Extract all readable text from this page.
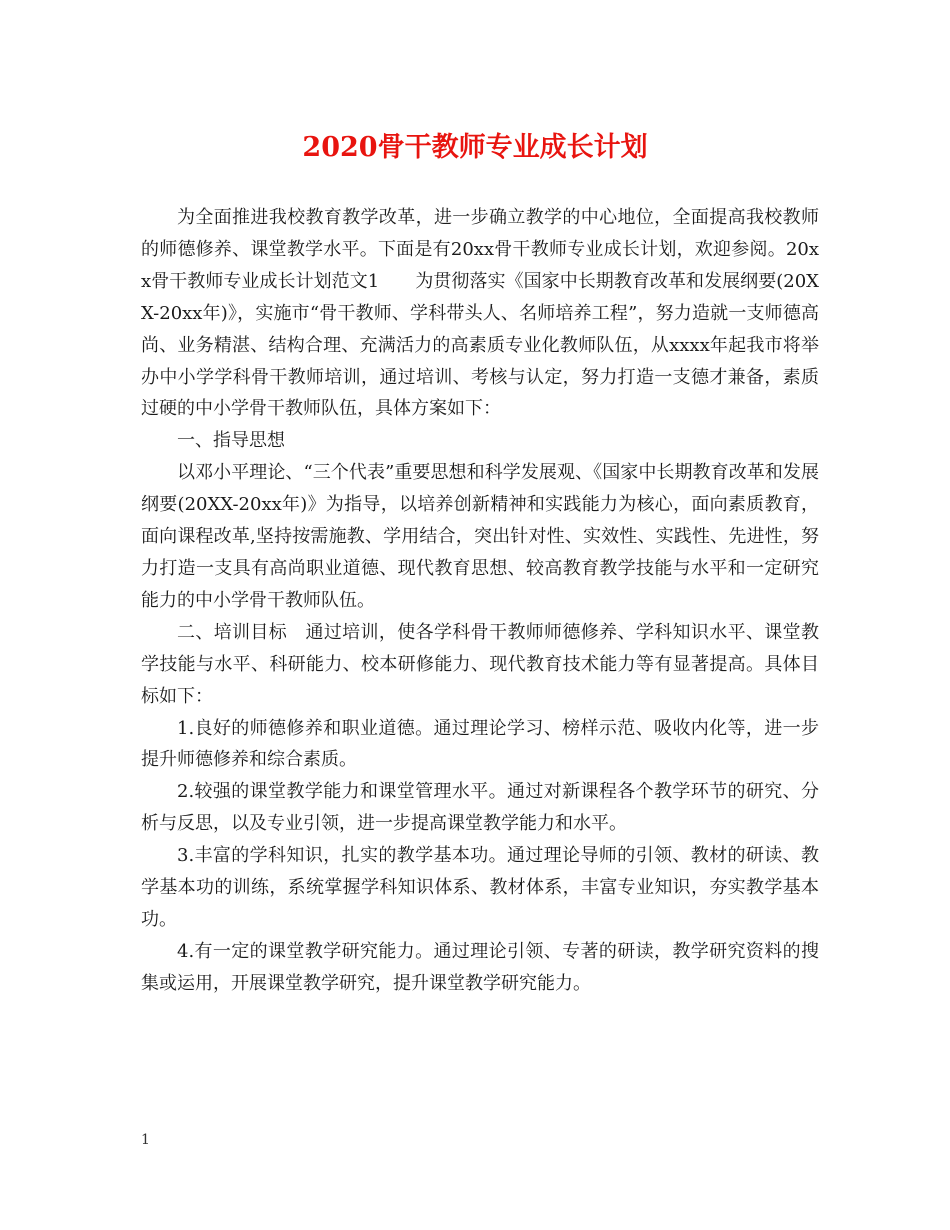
2020骨干教师专业成长计划

为全面推进我校教育教学改革，进一步确立教学的中心地位，全面提高我校教师的师德修养、课堂教学水平。下面是有20xx骨干教师专业成长计划，欢迎参阅。20xx骨干教师专业成长计划范文1　　为贯彻落实《国家中长期教育改革和发展纲要(20XX-20xx年)》，实施市“骨干教师、学科带头人、名师培养工程”，努力造就一支师德高尚、业务精湛、结构合理、充满活力的高素质专业化教师队伍，从xxxx年起我市将举办中小学学科骨干教师培训，通过培训、考核与认定，努力打造一支德才兼备，素质过硬的中小学骨干教师队伍，具体方案如下：

一、指导思想

以邓小平理论、“三个代表”重要思想和科学发展观、《国家中长期教育改革和发展纲要(20XX-20xx年)》为指导，以培养创新精神和实践能力为核心，面向素质教育，面向课程改革,坚持按需施教、学用结合，突出针对性、实效性、实践性、先进性，努力打造一支具有高尚职业道德、现代教育思想、较高教育教学技能与水平和一定研究能力的中小学骨干教师队伍。

二、培训目标　通过培训，使各学科骨干教师师德修养、学科知识水平、课堂教学技能与水平、科研能力、校本研修能力、现代教育技术能力等有显著提高。具体目标如下：

1.良好的师德修养和职业道德。通过理论学习、榜样示范、吸收内化等，进一步提升师德修养和综合素质。

2.较强的课堂教学能力和课堂管理水平。通过对新课程各个教学环节的研究、分析与反思，以及专业引领，进一步提高课堂教学能力和水平。

3.丰富的学科知识，扎实的教学基本功。通过理论导师的引领、教材的研读、教学基本功的训练，系统掌握学科知识体系、教材体系，丰富专业知识，夯实教学基本功。

4.有一定的课堂教学研究能力。通过理论引领、专著的研读，教学研究资料的搜集或运用，开展课堂教学研究，提升课堂教学研究能力。

1
